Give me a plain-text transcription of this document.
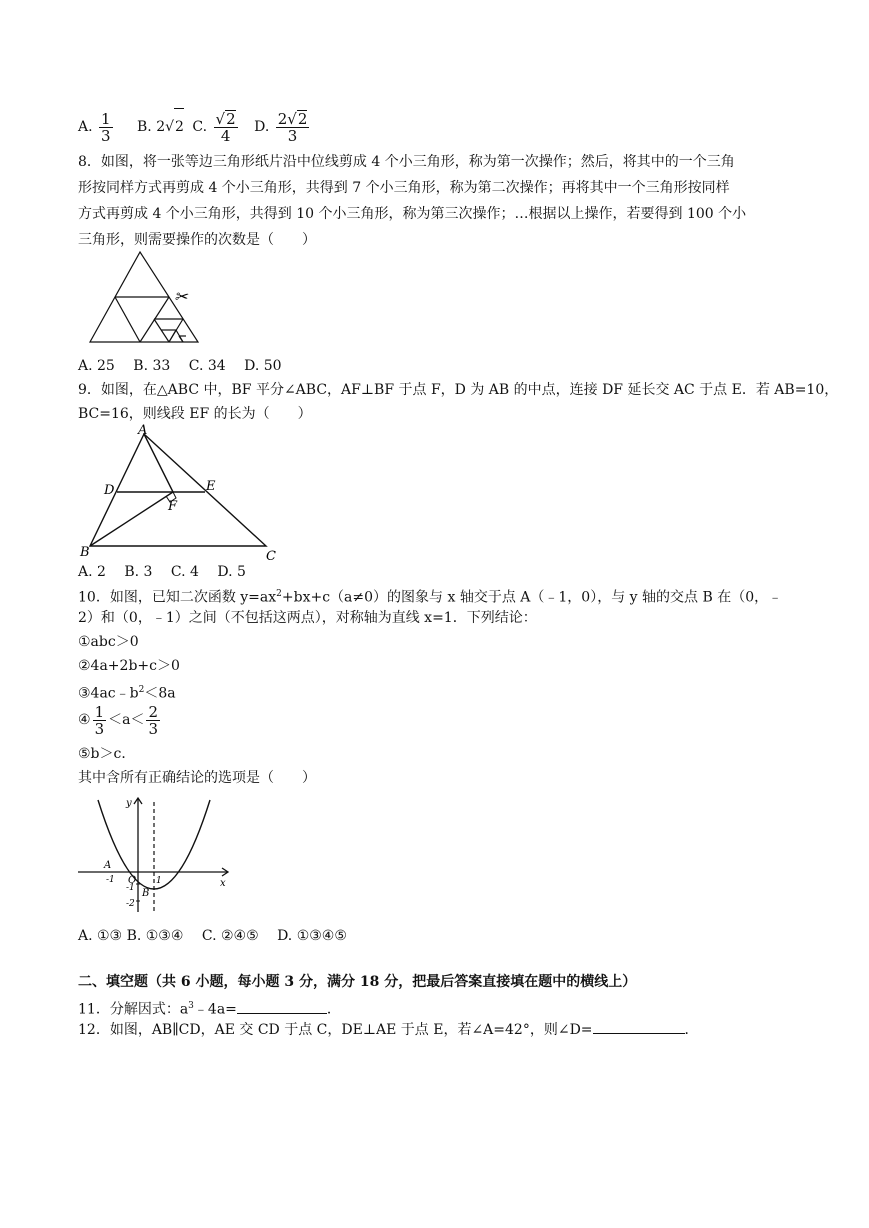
A. $\frac{1}{3} B$. 2√2 C. $\frac{√2}{4} D$. $\frac{2√2}{3}$
8．如图，将一张等边三角形纸片沿中位线剪成 4 个小三角形，称为第一次操作；然后，将其中的一个三角
形按同样方式再剪成 4 个小三角形，共得到 7 个小三角形，称为第二次操作；再将其中一个三角形按同样
方式再剪成 4 个小三角形，共得到 10 个小三角形，称为第三次操作；…根据以上操作，若要得到 100 个小
三角形，则需要操作的次数是（　　）
✂
A. 25　 B. 33　 C. 34　 D. 50
9．如图，在△ABC 中，BF 平分∠ABC，AF⊥BF 于点 F，D 为 AB 的中点，连接 DF 延长交 AC 于点 E．若 AB=10，
BC=16，则线段 EF 的长为（　　）
A
B	C
D	E
F
A. 2　 B. 3　 C. 4　 D. 5
10．如图，已知二次函数 $y=ax^2+bx+c(a\ne 0)$的图象与 x 轴交于点 A（﹣1，0），与 y 轴的交点 B 在（0，﹣
2）和（0，﹣1）之间（不包括这两点），对称轴为直线 x=1．下列结论：
①abc＞0
②4a+2b+c＞0
$③4ac﹣b^2<8a$
④ $\frac{1}{3} <a< \frac{2}{3}$
⑤b＞c．
其中含所有正确结论的选项是（　　）
y
x
A
-1 O 1
-1 B
-2
A. ①③ B. ①③④　 C. ②④⑤　 D. ①③④⑤
二、填空题（共 6 小题，每小题 3 分，满分 18 分，把最后答案直接填在题中的横线上）
11．分解因式：$a^3﹣4a=$	．
12．如图，AB∥CD，AE 交 CD 于点 C，DE⊥AE 于点 E，若∠A=42°，则∠D=	．
